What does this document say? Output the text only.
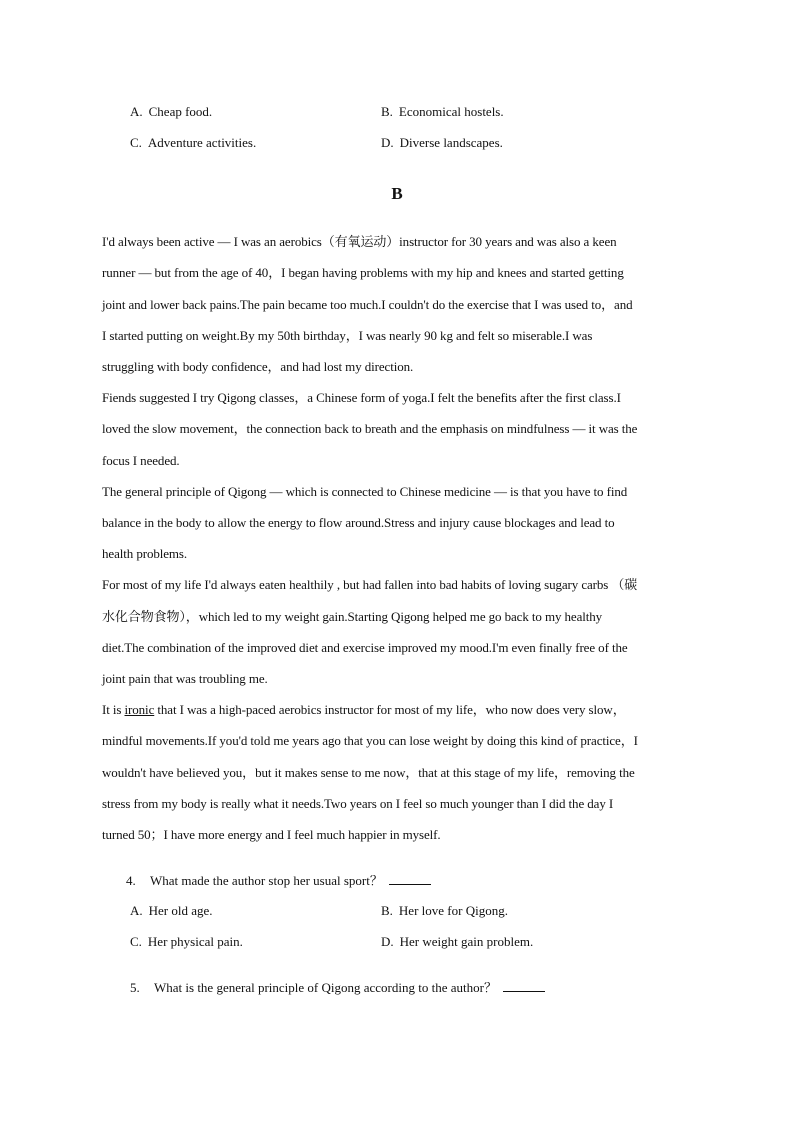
A. Cheap food.	B. Economical hostels.
C. Adventure activities.	D. Diverse landscapes.
B
I'd always been active — I was an aerobics（有氧运动）instructor for 30 years and was also a keen
runner — but from the age of 40，I began having problems with my hip and knees and started getting
joint and lower back pains.The pain became too much.I couldn't do the exercise that I was used to，and
I started putting on weight.By my 50th birthday，I was nearly 90 kg and felt so miserable.I was
struggling with body confidence，and had lost my direction.
Fiends suggested I try Qigong classes，a Chinese form of yoga.I felt the benefits after the first class.I
loved the slow movement，the connection back to breath and the emphasis on mindfulness — it was the
focus I needed.
The general principle of Qigong — which is connected to Chinese medicine — is that you have to find
balance in the body to allow the energy to flow around.Stress and injury cause blockages and lead to
health problems.
For most of my life I'd always eaten healthily , but had fallen into bad habits of loving sugary carbs （碳
水化合物食物），which led to my weight gain.Starting Qigong helped me go back to my healthy
diet.The combination of the improved diet and exercise improved my mood.I'm even finally free of the
joint pain that was troubling me.
It is ironic that I was a high-paced aerobics instructor for most of my life，who now does very slow，
mindful movements.If you'd told me years ago that you can lose weight by doing this kind of practice，I
wouldn't have believed you，but it makes sense to me now，that at this stage of my life，removing the
stress from my body is really what it needs.Two years on I feel so much younger than I did the day I
turned 50；I have more energy and I feel much happier in myself.
4. What made the author stop her usual sport？
A. Her old age.	B. Her love for Qigong.
C. Her physical pain.	D. Her weight gain problem.
5. What is the general principle of Qigong according to the author？
